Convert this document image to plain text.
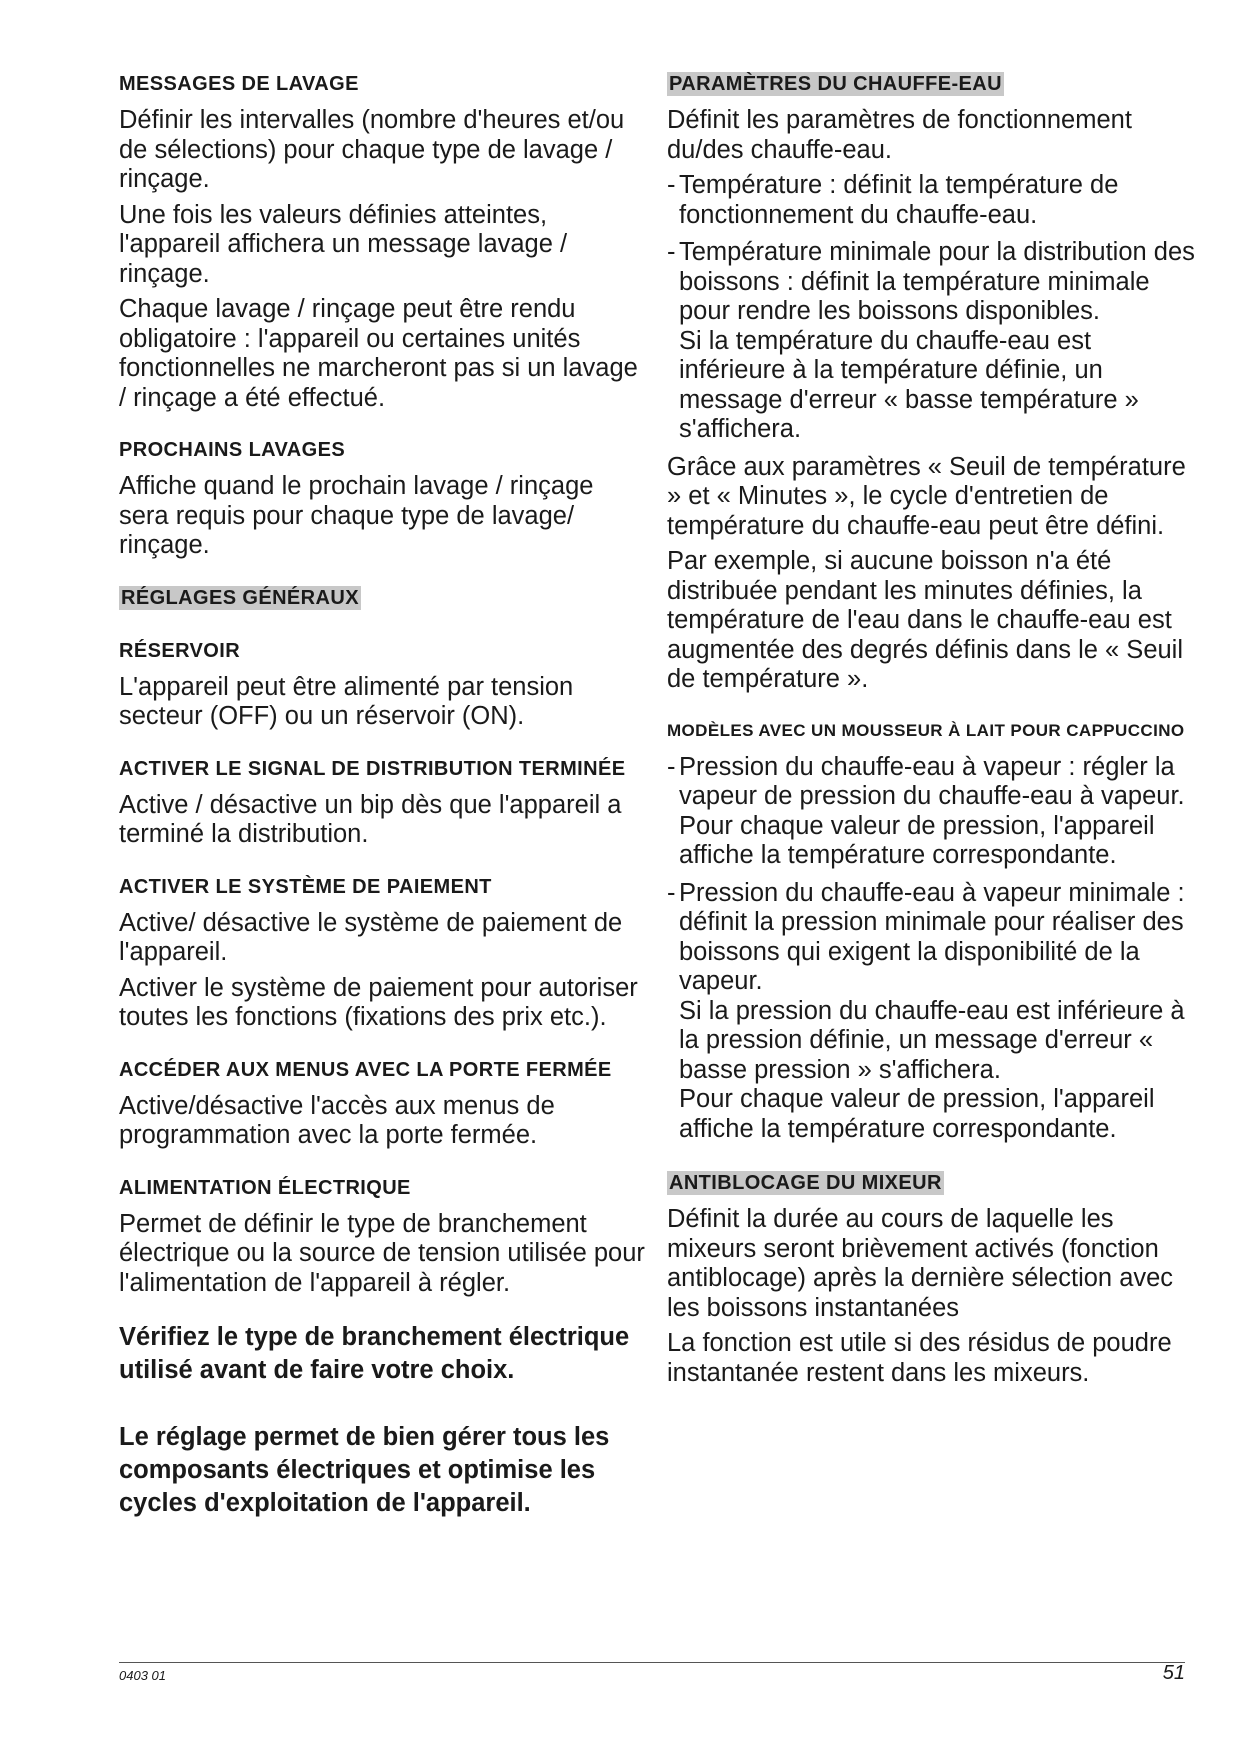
MESSAGES DE LAVAGE
Définir les intervalles (nombre d'heures et/ou de sélections) pour chaque type de lavage / rinçage.
Une fois les valeurs définies atteintes, l'appareil affichera un message lavage / rinçage.
Chaque lavage / rinçage peut être rendu obligatoire : l'appareil ou certaines unités fonctionnelles ne marcheront pas si un lavage / rinçage a été effectué.
PROCHAINS LAVAGES
Affiche quand le prochain lavage / rinçage sera requis pour chaque type de lavage/ rinçage.
RÉGLAGES GÉNÉRAUX
RÉSERVOIR
L'appareil peut être alimenté par tension secteur (OFF) ou un réservoir (ON).
ACTIVER LE SIGNAL DE DISTRIBUTION TERMINÉE
Active / désactive un bip dès que l'appareil a terminé la distribution.
ACTIVER LE SYSTÈME DE PAIEMENT
Active/ désactive le système de paiement de l'appareil.
Activer le système de paiement pour autoriser toutes les fonctions (fixations des prix etc.).
ACCÉDER AUX MENUS AVEC LA PORTE FERMÉE
Active/désactive l'accès aux menus de programmation avec la porte fermée.
ALIMENTATION ÉLECTRIQUE
Permet de définir le type de branchement électrique ou la source de tension utilisée pour l'alimentation de l'appareil à régler.
Vérifiez le type de branchement électrique utilisé avant de faire votre choix.
Le réglage permet de bien gérer tous les composants électriques et optimise les cycles d'exploitation de l'appareil.
PARAMÈTRES DU CHAUFFE-EAU
Définit les paramètres de fonctionnement du/des chauffe-eau.
- Température : définit la température de fonctionnement du chauffe-eau.
- Température minimale pour la distribution des boissons : définit la température minimale pour rendre les boissons disponibles.
Si la température du chauffe-eau est inférieure à la température définie, un message d'erreur « basse température » s'affichera.
Grâce aux paramètres « Seuil de température » et « Minutes », le cycle d'entretien de température du chauffe-eau peut être défini.
Par exemple, si aucune boisson n'a été distribuée pendant les minutes définies, la température de l'eau dans le chauffe-eau est augmentée des degrés définis dans le « Seuil de température ».
MODÈLES AVEC UN MOUSSEUR À LAIT POUR CAPPUCCINO
- Pression du chauffe-eau à vapeur : régler la vapeur de pression du chauffe-eau à vapeur.
Pour chaque valeur de pression, l'appareil affiche la température correspondante.
- Pression du chauffe-eau à vapeur minimale : définit la pression minimale pour réaliser des boissons qui exigent la disponibilité de la vapeur.
Si la pression du chauffe-eau est inférieure à la pression définie, un message d'erreur « basse pression » s'affichera.
Pour chaque valeur de pression, l'appareil affiche la température correspondante.
ANTIBLOCAGE DU MIXEUR
Définit la durée au cours de laquelle les mixeurs seront brièvement activés (fonction antiblocage) après la dernière sélection avec les boissons instantanées
La fonction est utile si des résidus de poudre instantanée restent dans les mixeurs.
0403 01	51
